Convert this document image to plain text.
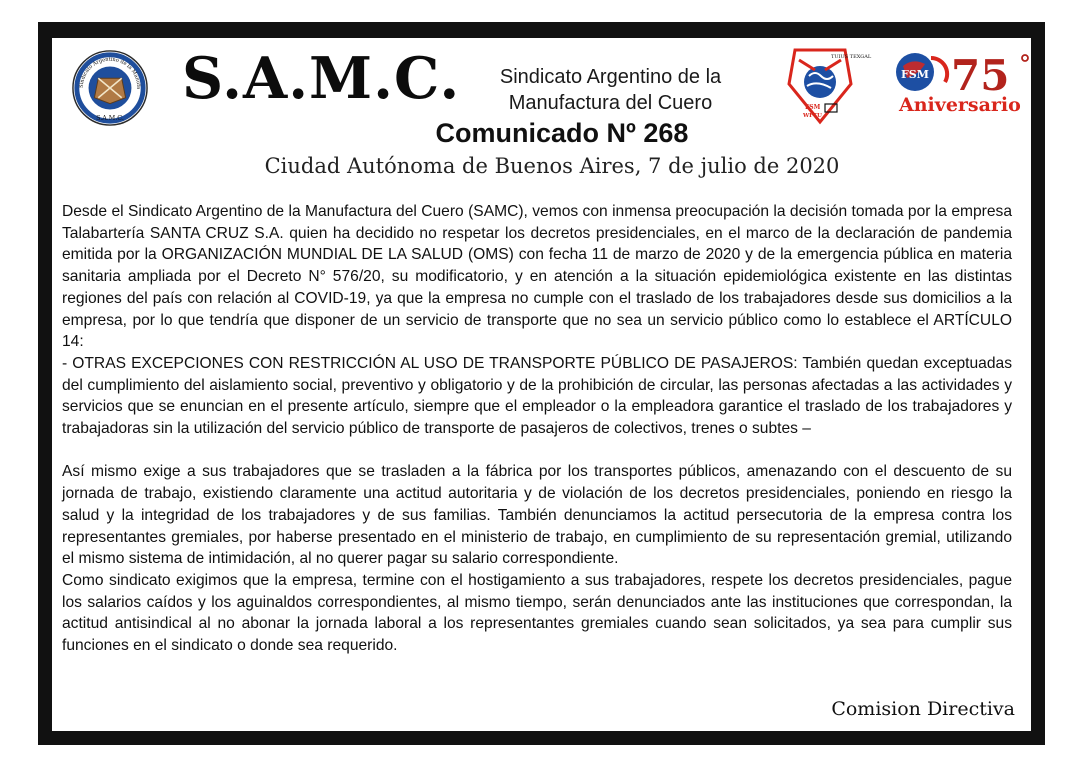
Sindicato Argentino de la Manufa
S.A.M.C.
S.A.M.C.	Sindicato Argentino de la
Manufactura del Cuero
TUIUS TEXGAL
FSM
WFTU
FSM 75
Aniversario
Comunicado Nº 268
Ciudad Autónoma de Buenos Aires, 7 de julio de 2020

Desde el Sindicato Argentino de la Manufactura del Cuero (SAMC), vemos con inmensa preocupación la decisión tomada por la empresa Talabartería SANTA CRUZ S.A. quien ha decidido no respetar los decretos presidenciales, en el marco de la declaración de pandemia emitida por la ORGANIZACIÓN MUNDIAL DE LA SALUD (OMS) con fecha 11 de marzo de 2020 y de la emergencia pública en materia sanitaria ampliada por el Decreto N° 576/20, su modificatorio, y en atención a la situación epidemiológica existente en las distintas regiones del país con relación al COVID-19, ya que la empresa no cumple con el traslado de los trabajadores desde sus domicilios a la empresa, por lo que tendría que disponer de un servicio de transporte que no sea un servicio público como lo establece el ARTÍCULO 14:

- OTRAS EXCEPCIONES CON RESTRICCIÓN AL USO DE TRANSPORTE PÚBLICO DE PASAJEROS: También quedan exceptuadas del cumplimiento del aislamiento social, preventivo y obligatorio y de la prohibición de circular, las personas afectadas a las actividades y servicios que se enuncian en el presente artículo, siempre que el empleador o la empleadora garantice el traslado de los trabajadores y trabajadoras sin la utilización del servicio público de transporte de pasajeros de colectivos, trenes o subtes –

Así mismo exige a sus trabajadores que se trasladen a la fábrica por los transportes públicos, amenazando con el descuento de su jornada de trabajo, existiendo claramente una actitud autoritaria y de violación de los decretos presidenciales, poniendo en riesgo la salud y la integridad de los trabajadores y de sus familias. También denunciamos la actitud persecutoria de la empresa contra los representantes gremiales, por haberse presentado en el ministerio de trabajo, en cumplimiento de su representación gremial, utilizando el mismo sistema de intimidación, al no querer pagar su salario correspondiente.

Como sindicato exigimos que la empresa, termine con el hostigamiento a sus trabajadores, respete los decretos presidenciales, pague los salarios caídos y los aguinaldos correspondientes, al mismo tiempo, serán denunciados ante las instituciones que correspondan, la actitud antisindical al no abonar la jornada laboral a los representantes gremiales cuando sean solicitados, ya sea para cumplir sus funciones en el sindicato o donde sea requerido.

Comision Directiva
